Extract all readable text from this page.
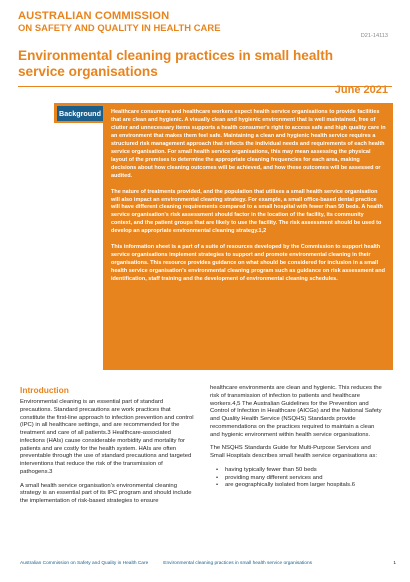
AUSTRALIAN COMMISSION
ON SAFETY AND QUALITY IN HEALTH CARE
D21-14113
Environmental cleaning practices in small health service organisations
June 2021
Background	Healthcare consumers and healthcare workers expect health service organisations to provide facilities that are clean and hygienic. A visually clean and hygienic environment that is well maintained, free of clutter and unnecessary items supports a health consumer's right to access safe and high quality care in an environment that makes them feel safe. Maintaining a clean and hygienic health service requires a structured risk management approach that reflects the individual needs and requirements of each health service organisation. For small health service organisations, this may mean assessing the physical layout of the premises to determine the appropriate cleaning frequencies for each area, making decisions about how cleaning outcomes will be achieved, and how these outcomes will be assessed or audited.

The nature of treatments provided, and the population that utilises a small health service organisation will also impact an environmental cleaning strategy. For example, a small office-based dental practice will have different cleaning requirements compared to a small hospital with fewer than 50 beds. A health service organisation's risk assessment should factor in the location of the facility, its community context, and the patient groups that are likely to use the facility. The risk assessment should be used to develop an appropriate environmental cleaning strategy.1,2

This information sheet is a part of a suite of resources developed by the Commission to support health service organisations implement strategies to support and promote environmental cleaning in their organisations. This resource provides guidance on what should be considered for inclusion in a small health service organisation's environmental cleaning program such as guidance on risk assessment and identification, staff training and the development of environmental cleaning schedules.

Introduction

Environmental cleaning is an essential part of standard precautions. Standard precautions are work practices that constitute the first-line approach to infection prevention and control (IPC) in all healthcare settings, and are recommended for the treatment and care of all patients.3 Healthcare-associated infections (HAIs) cause considerable morbidity and mortality for patients and are costly for the health system. HAIs are often preventable through the use of standard precautions and targeted interventions that reduce the risk of the transmission of pathogens.3

A small health service organisation's environmental cleaning strategy is an essential part of its IPC program and should include the implementation of risk-based strategies to ensure

healthcare environments are clean and hygienic. This reduces the risk of transmission of infection to patients and healthcare workers.4,5 The Australian Guidelines for the Prevention and Control of Infection in Healthcare (AICGs) and the National Safety and Quality Health Service (NSQHS) Standards provide recommendations on the practices required to maintain a clean and hygienic environment within health service organisations.

The NSQHS Standards Guide for Multi-Purpose Services and Small Hospitals describes small health service organisations as:

• having typically fewer than 50 beds
• providing many different services and
• are geographically isolated from larger hospitals.6
Australian Commission on Safety and Quality in Health Care	Environmental cleaning practices in small health service organisations	1
